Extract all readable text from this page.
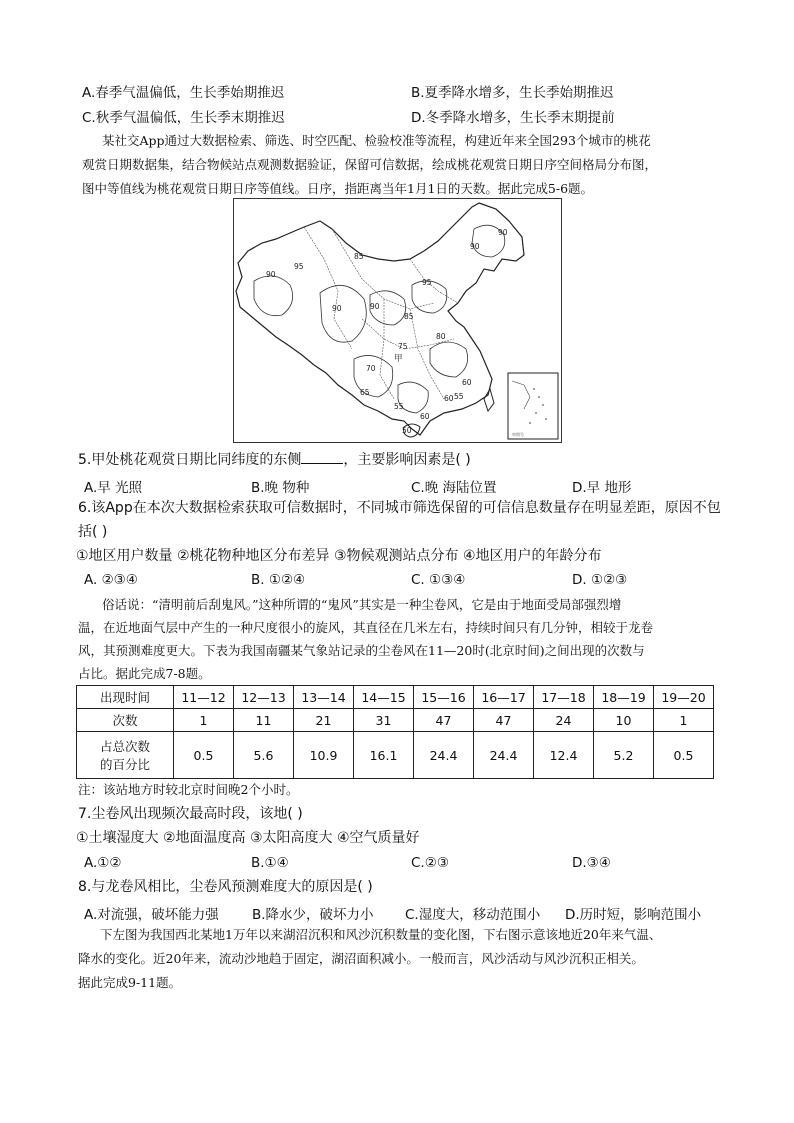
A.春季气温偏低，生长季始期推迟	B.夏季降水增多，生长季始期推迟
C.秋季气温偏低，生长季末期推迟	D.冬季降水增多，生长季末期提前
某社交App通过大数据检索、筛选、时空匹配、检验校准等流程，构建近年来全国293个城市的桃花
观赏日期数据集，结合物候站点观测数据验证，保留可信数据，绘成桃花观赏日期日序空间格局分布图，
图中等值线为桃花观赏日期日序等值线。日序，指距离当年1月1日的天数。据此完成5-6题。
审图号
90
95
90
90
85
95
90	90
85
80
甲
75
70
60
65
55
60
55
50
60
5.甲处桃花观赏日期比同纬度的东侧	，主要影响因素是( )
A.早 光照	B.晚 物种	C.晚 海陆位置	D.早 地形
6.该App在本次大数据检索获取可信数据时，不同城市筛选保留的可信信息数量存在明显差距，原因不包
括( )
①地区用户数量 ②桃花物种地区分布差异 ③物候观测站点分布 ④地区用户的年龄分布
A. ②③④	B. ①②④	C. ①③④	D. ①②③
俗话说：“清明前后刮鬼风。”这种所谓的“鬼风”其实是一种尘卷风，它是由于地面受局部强烈增
温，在近地面气层中产生的一种尺度很小的旋风，其直径在几米左右，持续时间只有几分钟，相较于龙卷
风，其预测难度更大。下表为我国南疆某气象站记录的尘卷风在11—20时(北京时间)之间出现的次数与
占比。据此完成7-8题。
出现时间	11—12	12—13	13—14	14—15	15—16	16—17	17—18	18—19	19—20
次数	1	11	21	31	47	47	24	10	1

占总次数
的百分比	0.5	5.6	10.9	16.1	24.4	24.4	12.4	5.2	0.5
注：该站地方时较北京时间晚2个小时。
7.尘卷风出现频次最高时段，该地( )
①土壤湿度大 ②地面温度高 ③太阳高度大 ④空气质量好
A.①②	B.①④	C.②③	D.③④
8.与龙卷风相比，尘卷风预测难度大的原因是( )
A.对流强，破坏能力强 B.降水少，破坏力小 C.湿度大，移动范围小 D.历时短，影响范围小
下左图为我国西北某地1万年以来湖沼沉积和风沙沉积数量的变化图，下右图示意该地近20年来气温、
降水的变化。近20年来，流动沙地趋于固定，湖沼面积减小。一般而言，风沙活动与风沙沉积正相关。
据此完成9-11题。
